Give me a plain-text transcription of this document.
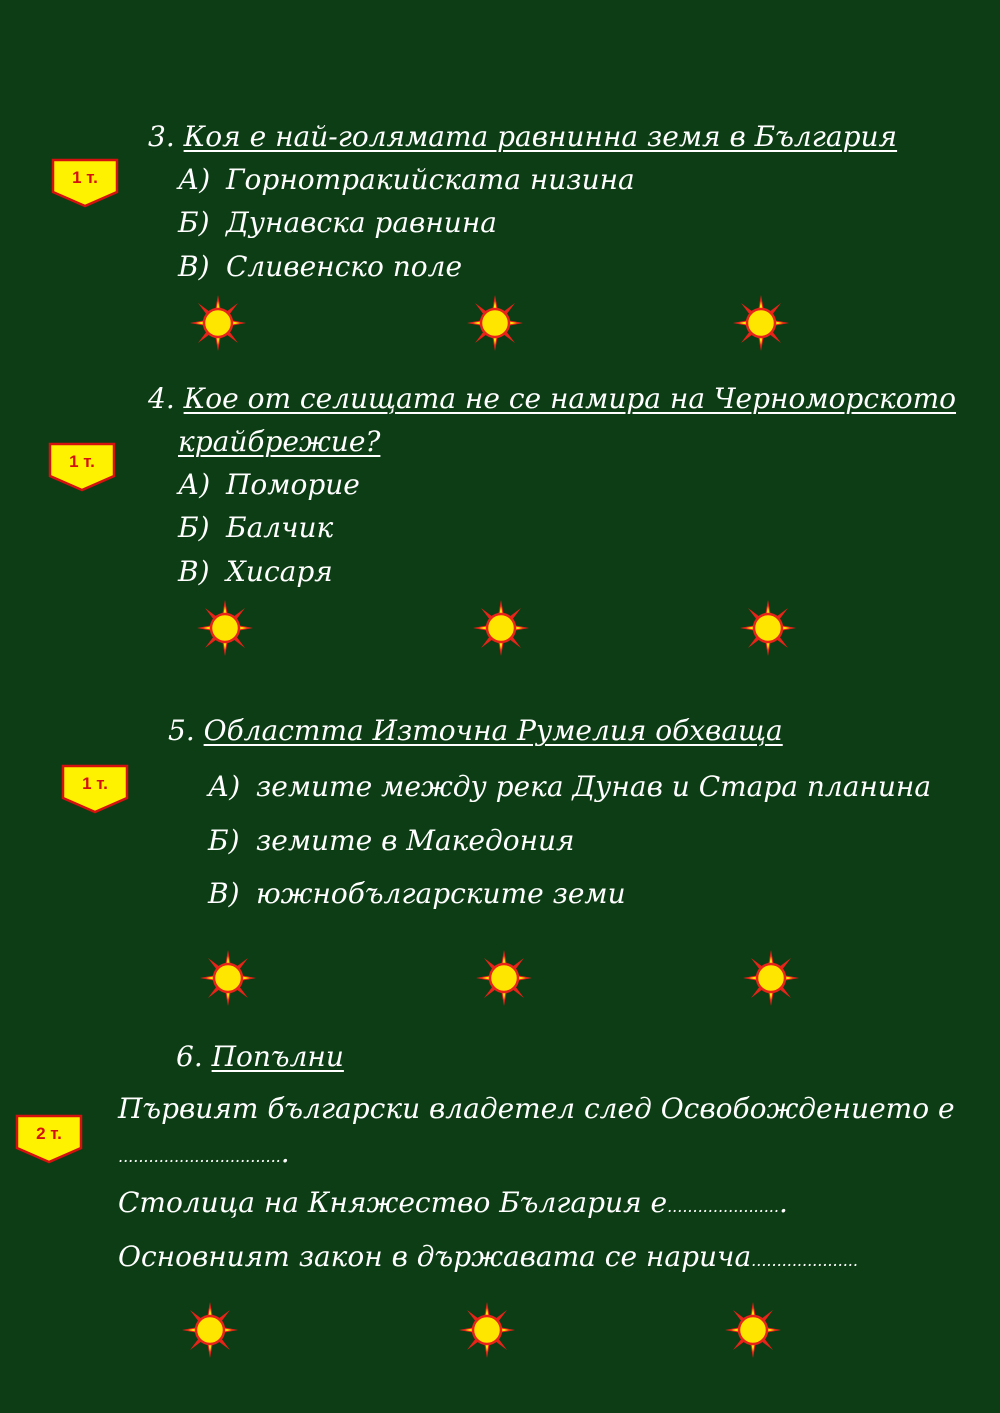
3. Коя е най-голямата равнинна земя в България
1 т.	А) Горнотракийската низина
Б) Дунавска равнина
В) Сливенско поле
4. Кое от селищата не се намира на Черноморското
крайбрежие?
1 т.
А) Поморие
Б) Балчик
В) Хисаря
5. Областта Източна Румелия обхваща
1 т.	А) земите между река Дунав и Стара планина
Б) земите в Македония
В) южнобългарските земи
6. Попълни
2 т.
Първият български владетел след Освобождението е
.................................
Столица на Княжество България е.......................
Основният закон в държавата се нарича.....................
